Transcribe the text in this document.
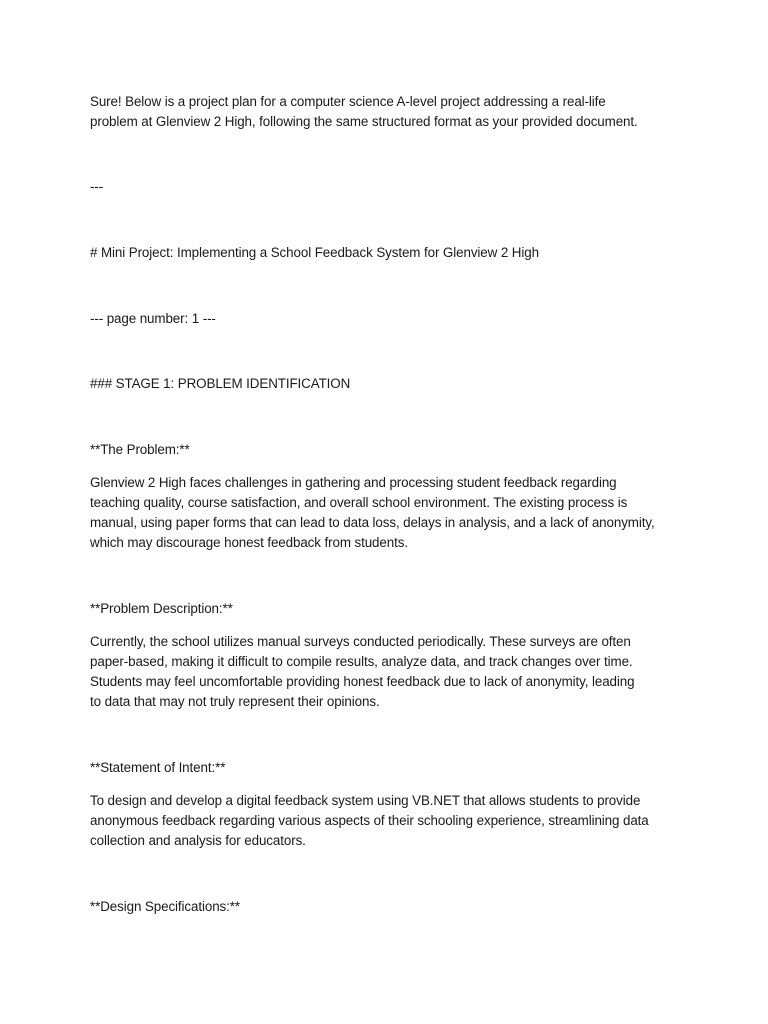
Sure! Below is a project plan for a computer science A-level project addressing a real-life
problem at Glenview 2 High, following the same structured format as your provided document.

---

# Mini Project: Implementing a School Feedback System for Glenview 2 High

--- page number: 1 ---

### STAGE 1: PROBLEM IDENTIFICATION

**The Problem:**

Glenview 2 High faces challenges in gathering and processing student feedback regarding
teaching quality, course satisfaction, and overall school environment. The existing process is
manual, using paper forms that can lead to data loss, delays in analysis, and a lack of anonymity,
which may discourage honest feedback from students.

**Problem Description:**

Currently, the school utilizes manual surveys conducted periodically. These surveys are often
paper-based, making it difficult to compile results, analyze data, and track changes over time.
Students may feel uncomfortable providing honest feedback due to lack of anonymity, leading
to data that may not truly represent their opinions.

**Statement of Intent:**

To design and develop a digital feedback system using VB.NET that allows students to provide
anonymous feedback regarding various aspects of their schooling experience, streamlining data
collection and analysis for educators.

**Design Specifications:**
